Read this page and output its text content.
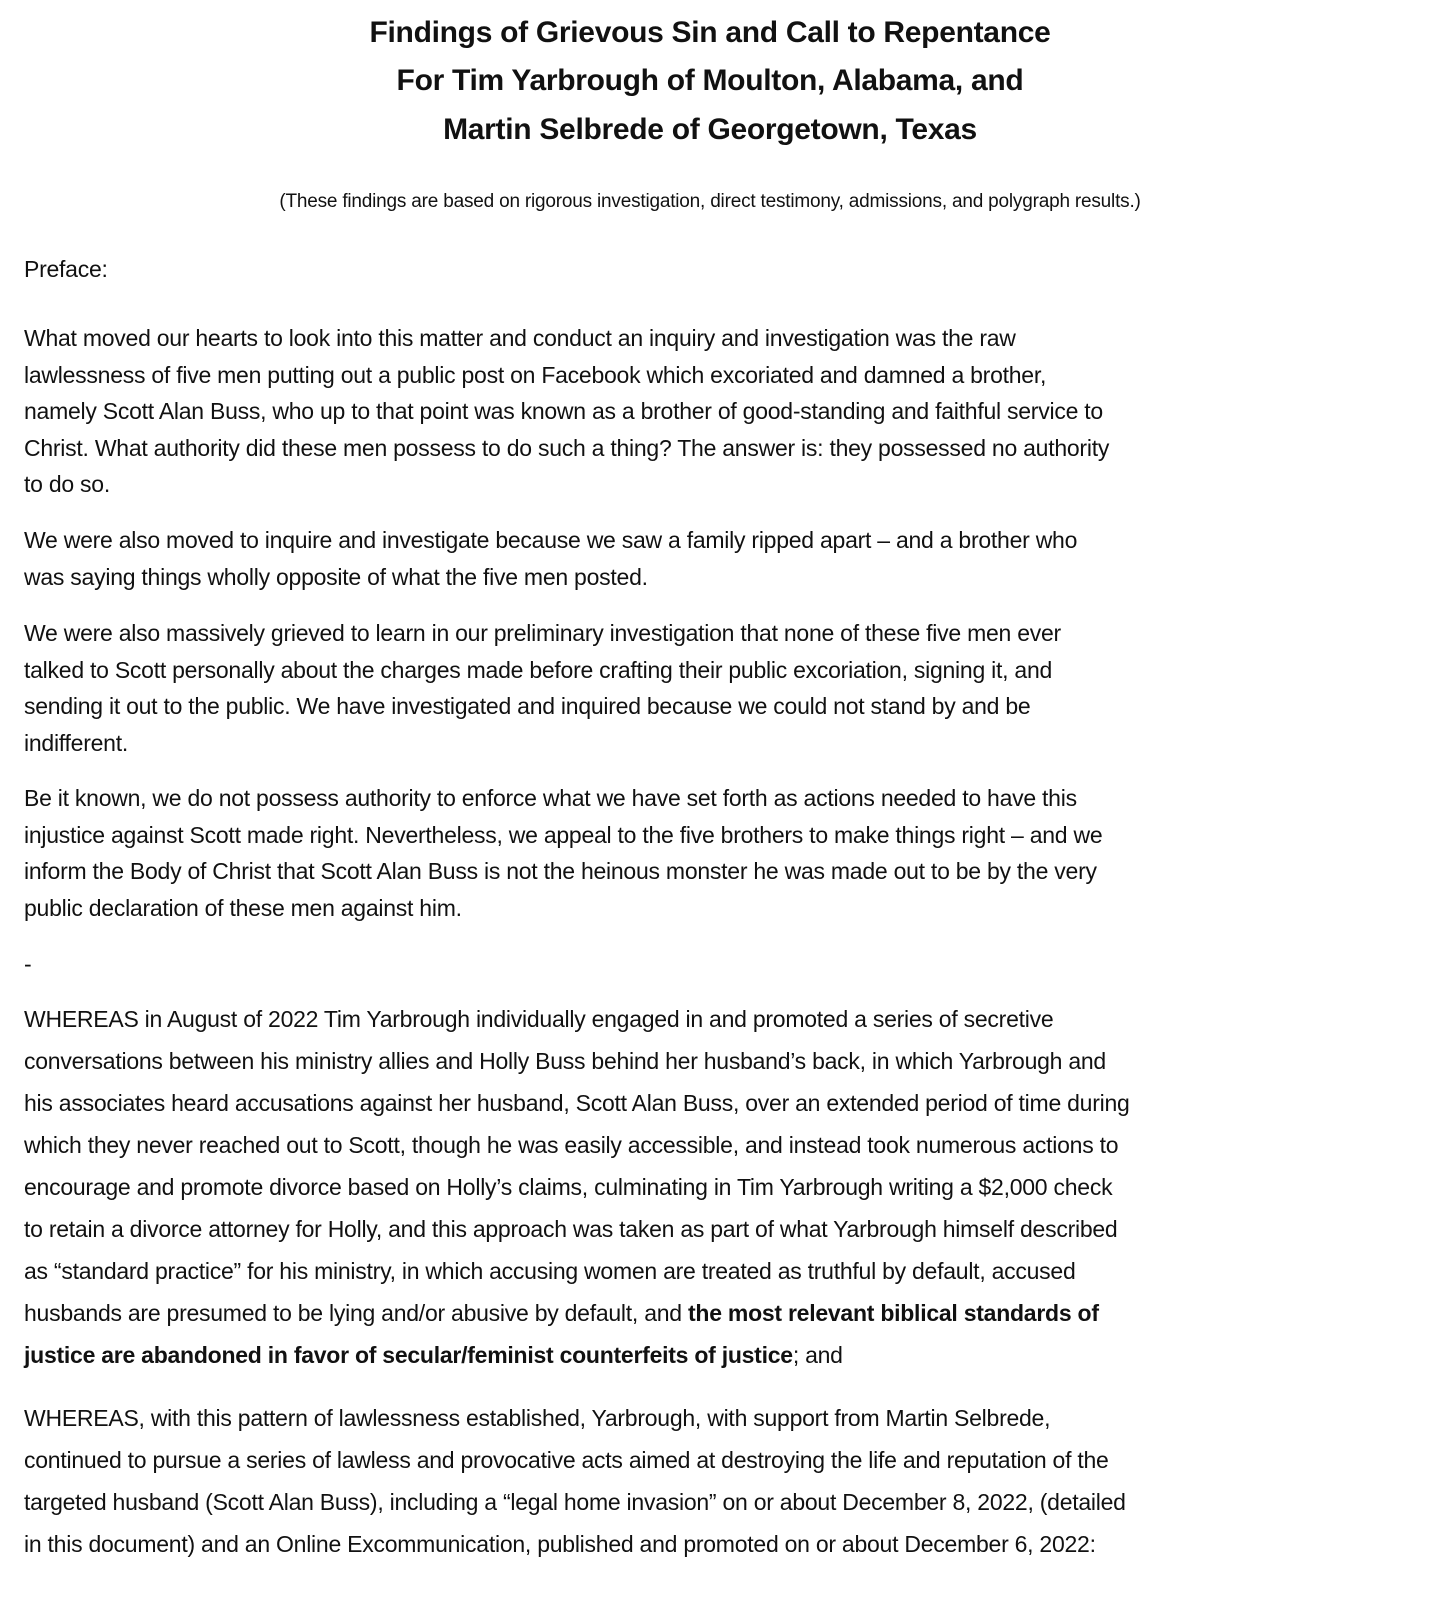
Findings of Grievous Sin and Call to Repentance
For Tim Yarbrough of Moulton, Alabama, and
Martin Selbrede of Georgetown, Texas
(These findings are based on rigorous investigation, direct testimony, admissions, and polygraph results.)
Preface:
What moved our hearts to look into this matter and conduct an inquiry and investigation was the raw
lawlessness of five men putting out a public post on Facebook which excoriated and damned a brother,
namely Scott Alan Buss, who up to that point was known as a brother of good-standing and faithful service to
Christ. What authority did these men possess to do such a thing? The answer is: they possessed no authority
to do so.
We were also moved to inquire and investigate because we saw a family ripped apart – and a brother who
was saying things wholly opposite of what the five men posted.
We were also massively grieved to learn in our preliminary investigation that none of these five men ever
talked to Scott personally about the charges made before crafting their public excoriation, signing it, and
sending it out to the public. We have investigated and inquired because we could not stand by and be
indifferent.
Be it known, we do not possess authority to enforce what we have set forth as actions needed to have this
injustice against Scott made right. Nevertheless, we appeal to the five brothers to make things right – and we
inform the Body of Christ that Scott Alan Buss is not the heinous monster he was made out to be by the very
public declaration of these men against him.
-
WHEREAS in August of 2022 Tim Yarbrough individually engaged in and promoted a series of secretive
conversations between his ministry allies and Holly Buss behind her husband’s back, in which Yarbrough and
his associates heard accusations against her husband, Scott Alan Buss, over an extended period of time during
which they never reached out to Scott, though he was easily accessible, and instead took numerous actions to
encourage and promote divorce based on Holly’s claims, culminating in Tim Yarbrough writing a $2,000 check
to retain a divorce attorney for Holly, and this approach was taken as part of what Yarbrough himself described
as “standard practice” for his ministry, in which accusing women are treated as truthful by default, accused
husbands are presumed to be lying and/or abusive by default, and the most relevant biblical standards of
justice are abandoned in favor of secular/feminist counterfeits of justice; and
WHEREAS, with this pattern of lawlessness established, Yarbrough, with support from Martin Selbrede,
continued to pursue a series of lawless and provocative acts aimed at destroying the life and reputation of the
targeted husband (Scott Alan Buss), including a “legal home invasion” on or about December 8, 2022, (detailed
in this document) and an Online Excommunication, published and promoted on or about December 6, 2022:
